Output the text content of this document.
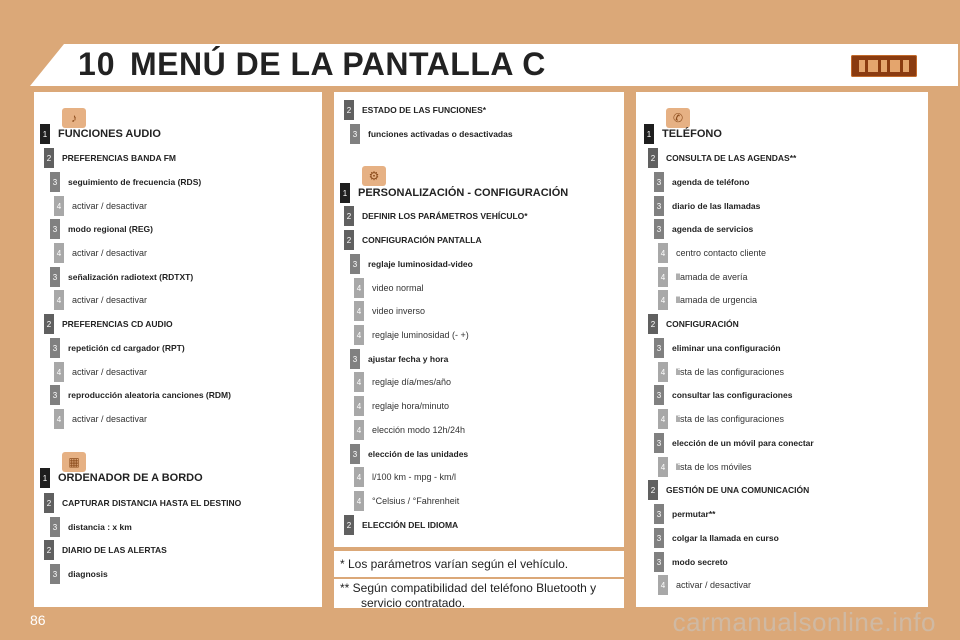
10 MENÚ DE LA PANTALLA C
* Los parámetros varían según el vehículo.
** Según compatibilidad del teléfono Bluetooth y
servicio contratado.
♪
▦
1 FUNCIONES AUDIO
2	PREFERENCIAS BANDA FM
3	seguimiento de frecuencia (RDS)
4	activar / desactivar
3	modo regional (REG)
4	activar / desactivar
3	señalización radiotext (RDTXT)
4	activar / desactivar
2	PREFERENCIAS CD AUDIO
3	repetición cd cargador (RPT)
4	activar / desactivar
3	reproducción aleatoria canciones (RDM)
4	activar / desactivar
1 ORDENADOR DE A BORDO
2	CAPTURAR DISTANCIA HASTA EL DESTINO
3	distancia : x km
2	DIARIO DE LAS ALERTAS
3	diagnosis
⚙
2	ESTADO DE LAS FUNCIONES*
3	funciones activadas o desactivadas
1 PERSONALIZACIÓN - CONFIGURACIÓN
2	DEFINIR LOS PARÁMETROS VEHÍCULO*
2	CONFIGURACIÓN PANTALLA
3	reglaje luminosidad-video
4	video normal
4	video inverso
4	reglaje luminosidad (- +)
3	ajustar fecha y hora
4	reglaje día/mes/año
4	reglaje hora/minuto
4	elección modo 12h/24h
3	elección de las unidades
4	l/100 km - mpg - km/l
4	°Celsius / °Fahrenheit
2	ELECCIÓN DEL IDIOMA
✆
1 TELÉFONO
2	CONSULTA DE LAS AGENDAS**
3	agenda de teléfono
3	diario de las llamadas
3	agenda de servicios
4	centro contacto cliente
4	llamada de avería
4	llamada de urgencia
2	CONFIGURACIÓN
3	eliminar una configuración
4	lista de las configuraciones
3	consultar las configuraciones
4	lista de las configuraciones
3	elección de un móvil para conectar
4	lista de los móviles
2	GESTIÓN DE UNA COMUNICACIÓN
3	permutar**
3	colgar la llamada en curso
3	modo secreto
4	activar / desactivar
86	carmanualsonline.info
